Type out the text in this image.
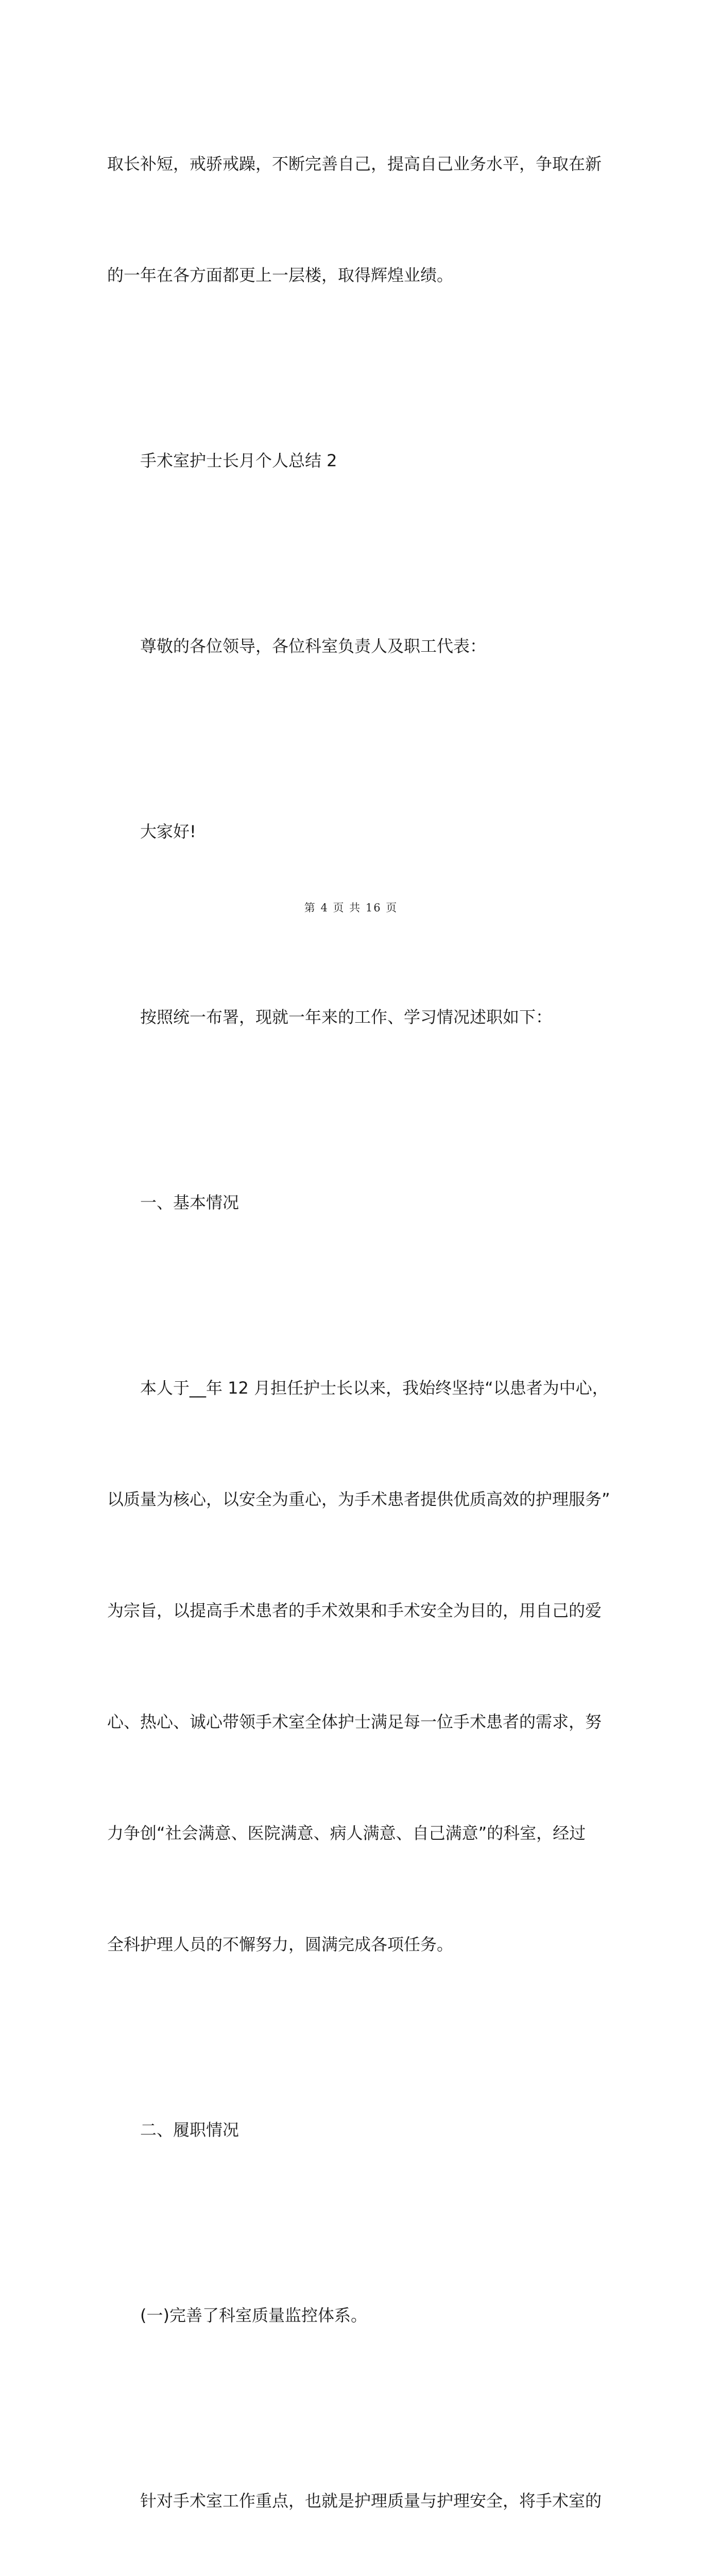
取长补短，戒骄戒躁，不断完善自己，提高自己业务水平，争取在新

的一年在各方面都更上一层楼，取得辉煌业绩。

手术室护士长月个人总结 2

尊敬的各位领导，各位科室负责人及职工代表：

大家好!

按照统一布署，现就一年来的工作、学习情况述职如下：

一、基本情况

本人于__年 12 月担任护士长以来，我始终坚持“以患者为中心，

以质量为核心，以安全为重心，为手术患者提供优质高效的护理服务”

为宗旨，以提高手术患者的手术效果和手术安全为目的，用自己的爱

心、热心、诚心带领手术室全体护士满足每一位手术患者的需求，努

力争创“社会满意、医院满意、病人满意、自己满意”的科室，经过

全科护理人员的不懈努力，圆满完成各项任务。

二、履职情况

(一)完善了科室质量监控体系。

针对手术室工作重点，也就是护理质量与护理安全，将手术室的

第 4 页 共 16 页
